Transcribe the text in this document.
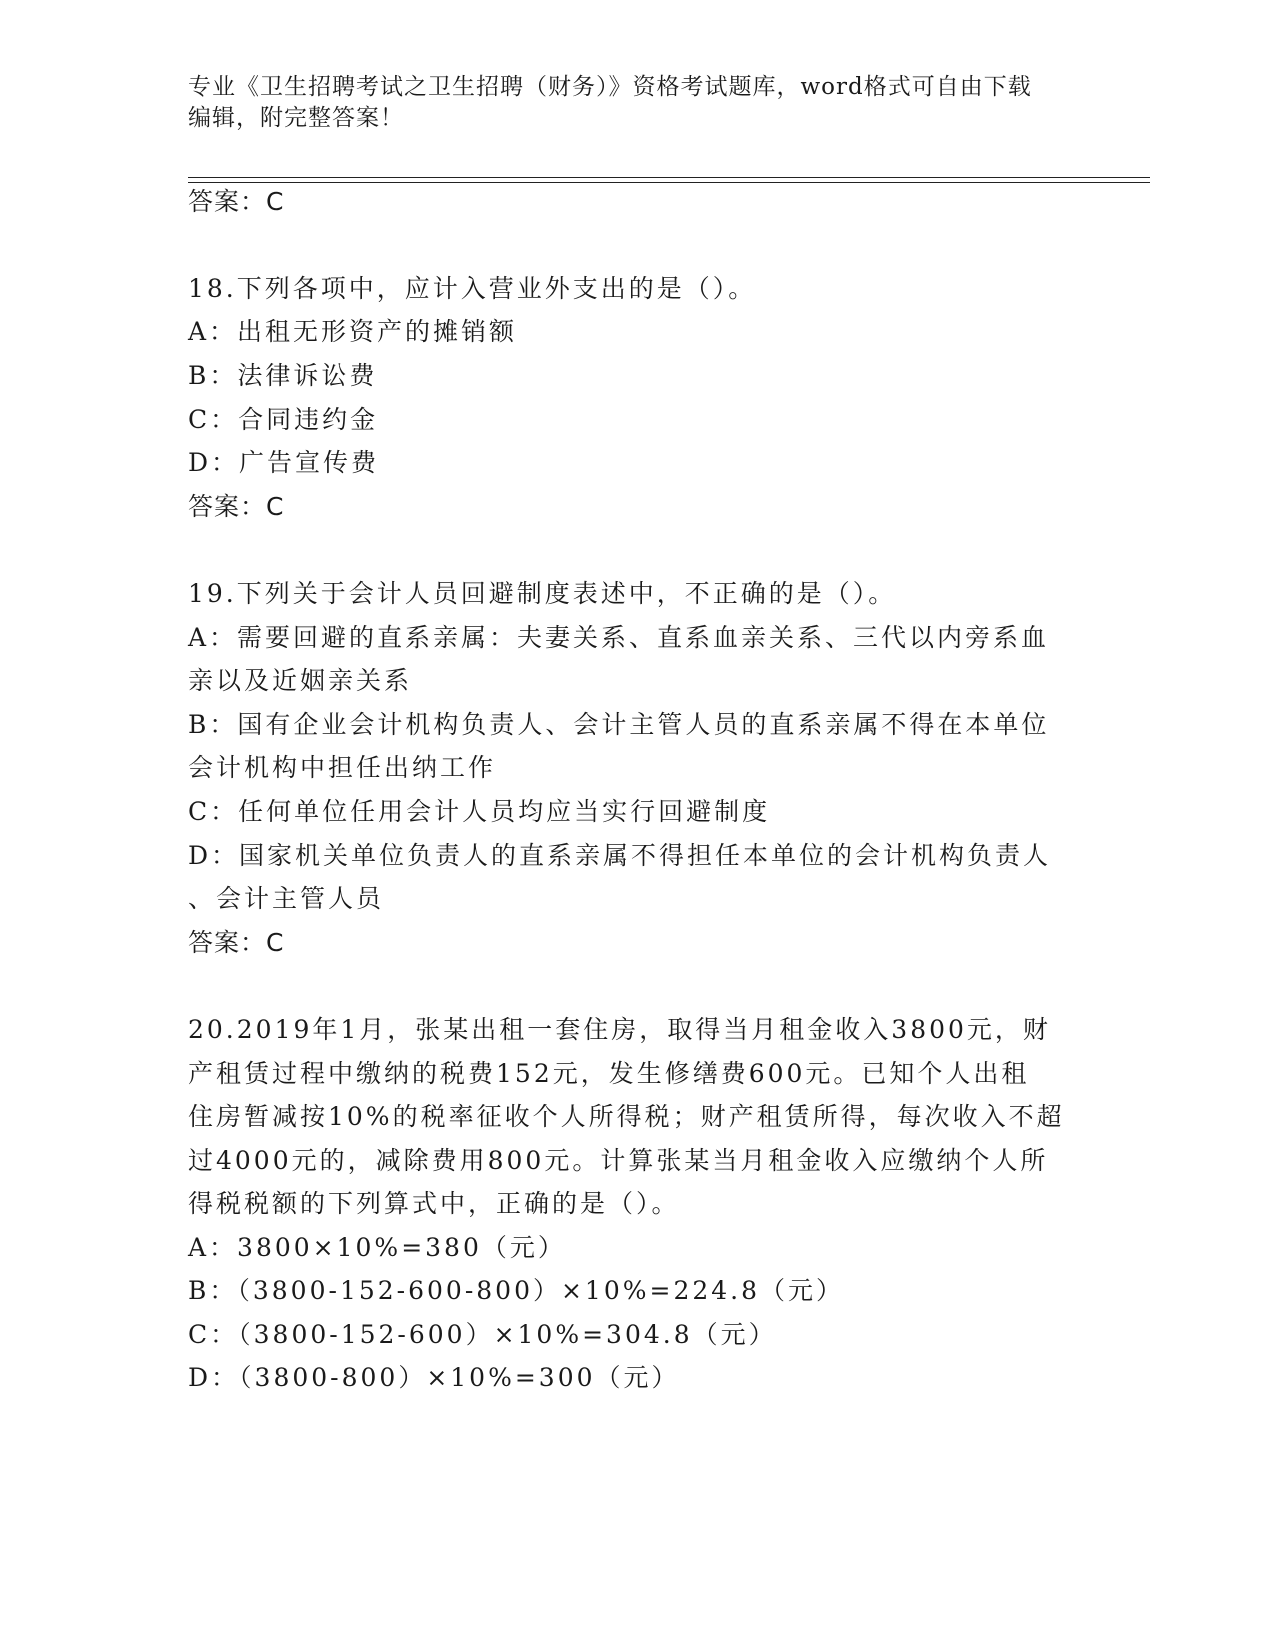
专业《卫生招聘考试之卫生招聘（财务）》资格考试题库，word格式可自由下载
编辑，附完整答案！
答案：C
18.下列各项中，应计入营业外支出的是（）。
A：出租无形资产的摊销额
B：法律诉讼费
C：合同违约金
D：广告宣传费
答案：C
19.下列关于会计人员回避制度表述中，不正确的是（）。
A：需要回避的直系亲属：夫妻关系、直系血亲关系、三代以内旁系血
亲以及近姻亲关系
B：国有企业会计机构负责人、会计主管人员的直系亲属不得在本单位
会计机构中担任出纳工作
C：任何单位任用会计人员均应当实行回避制度
D：国家机关单位负责人的直系亲属不得担任本单位的会计机构负责人
、会计主管人员
答案：C
20.2019年1月，张某出租一套住房，取得当月租金收入3800元，财
产租赁过程中缴纳的税费152元，发生修缮费600元。已知个人出租
住房暂减按10%的税率征收个人所得税；财产租赁所得，每次收入不超
过4000元的，减除费用800元。计算张某当月租金收入应缴纳个人所
得税税额的下列算式中，正确的是（）。
A：3800×10%=380（元）
B：（3800-152-600-800）×10%=224.8（元）
C：（3800-152-600）×10%=304.8（元）
D：（3800-800）×10%=300（元）
